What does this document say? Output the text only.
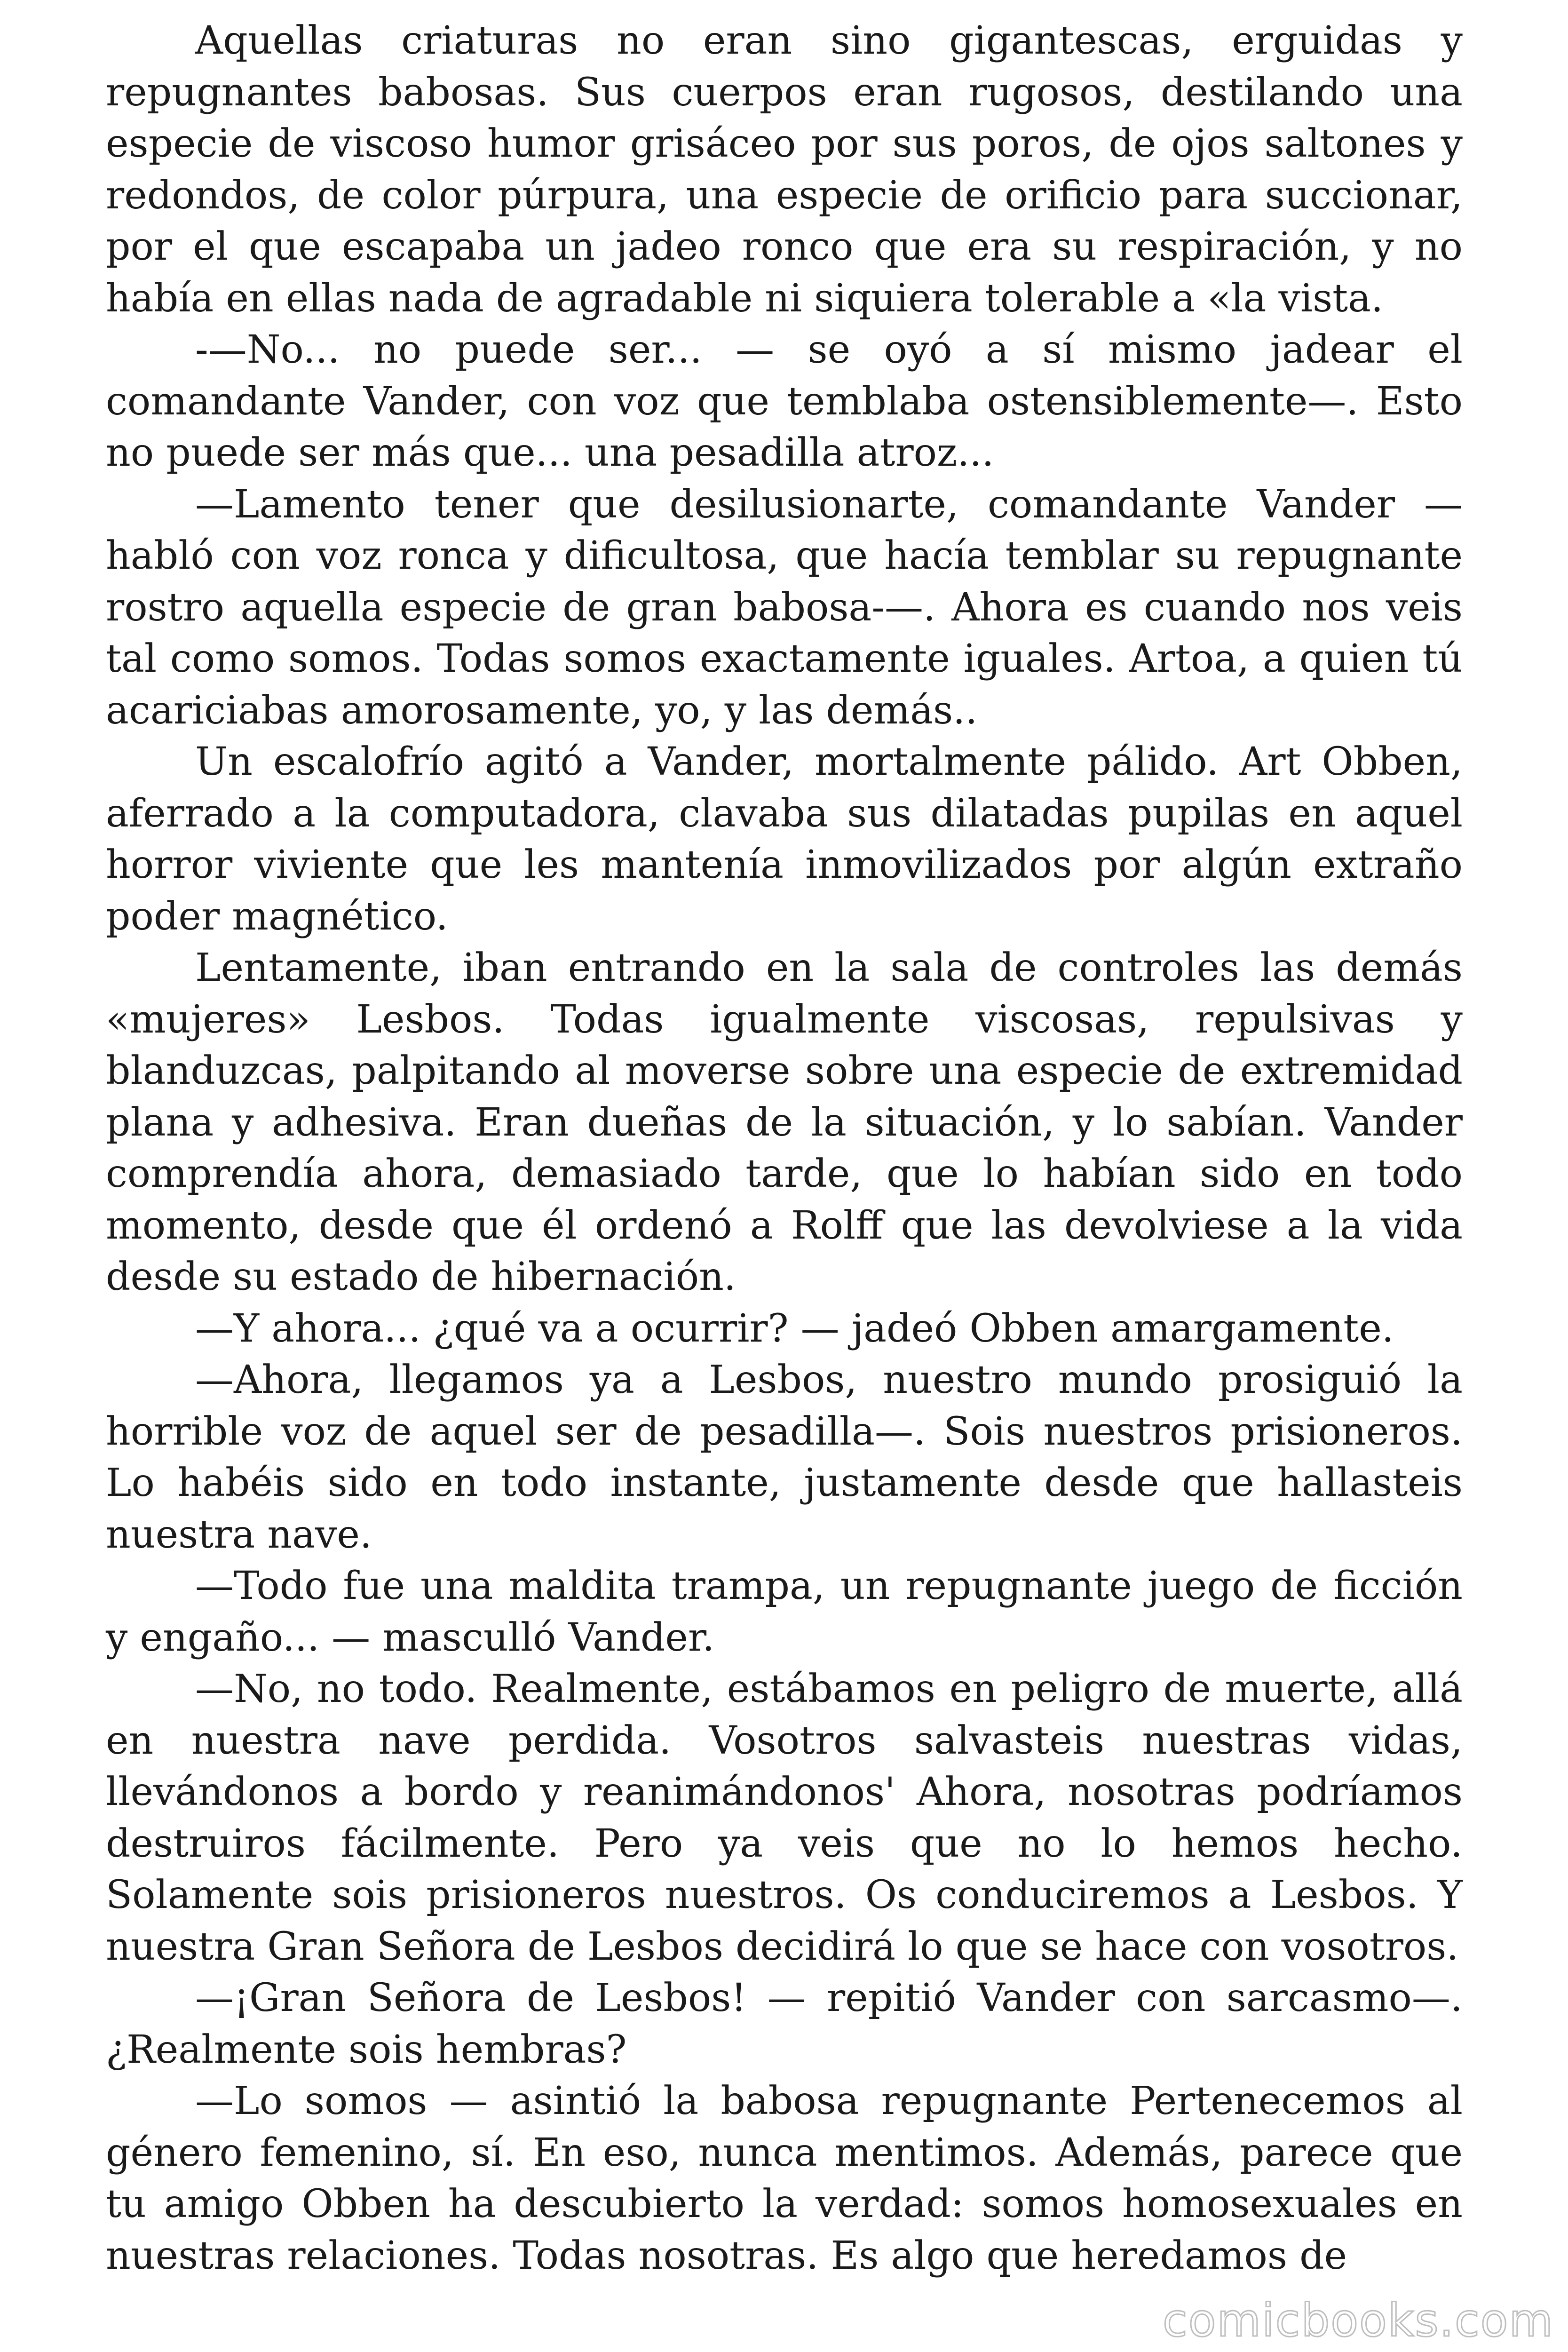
Aquellas criaturas no eran sino gigantescas, erguidas y repugnantes babosas. Sus cuerpos eran rugosos, destilando una especie de viscoso humor grisáceo por sus poros, de ojos saltones y redondos, de color púrpura, una especie de orificio para succionar, por el que escapaba un jadeo ronco que era su respiración, y no había en ellas nada de agradable ni siquiera tolerable a «la vista.

-—No... no puede ser... — se oyó a sí mismo jadear el comandante Vander, con voz que temblaba ostensiblemente—. Esto no puede ser más que... una pesadilla atroz...

—Lamento tener que desilusionarte, comandante Vander — habló con voz ronca y dificultosa, que hacía temblar su repugnante rostro aquella especie de gran babosa-—. Ahora es cuando nos veis tal como somos. Todas somos exactamente iguales. Artoa, a quien tú acariciabas amorosamente, yo, y las demás..

Un escalofrío agitó a Vander, mortalmente pálido. Art Obben, aferrado a la computadora, clavaba sus dilatadas pupilas en aquel horror viviente que les mantenía inmovilizados por algún extraño poder magnético.

Lentamente, iban entrando en la sala de controles las demás «mujeres» Lesbos. Todas igualmente viscosas, repulsivas y blanduzcas, palpitando al moverse sobre una especie de extremidad plana y adhesiva. Eran dueñas de la situación, y lo sabían. Vander comprendía ahora, demasiado tarde, que lo habían sido en todo momento, desde que él ordenó a Rolff que las devolviese a la vida desde su estado de hibernación.

—Y ahora... ¿qué va a ocurrir? — jadeó Obben amargamente.

—Ahora, llegamos ya a Lesbos, nuestro mundo prosiguió la horrible voz de aquel ser de pesadilla—. Sois nuestros prisioneros. Lo habéis sido en todo instante, justamente desde que hallasteis nuestra nave.

—Todo fue una maldita trampa, un repugnante juego de ficción y engaño... — masculló Vander.

—No, no todo. Realmente, estábamos en peligro de muerte, allá en nuestra nave perdida. Vosotros salvasteis nuestras vidas, llevándonos a bordo y reanimándonos' Ahora, nosotras podríamos destruiros fácilmente. Pero ya veis que no lo hemos hecho. Solamente sois prisioneros nuestros. Os conduciremos a Lesbos. Y nuestra Gran Señora de Lesbos decidirá lo que se hace con vosotros.

—¡Gran Señora de Lesbos! — repitió Vander con sarcasmo—. ¿Realmente sois hembras?

—Lo somos — asintió la babosa repugnante Pertenecemos al género femenino, sí. En eso, nunca mentimos. Además, parece que tu amigo Obben ha descubierto la verdad: somos homosexuales en nuestras relaciones. Todas nosotras. Es algo que heredamos de

comicbooks.com
